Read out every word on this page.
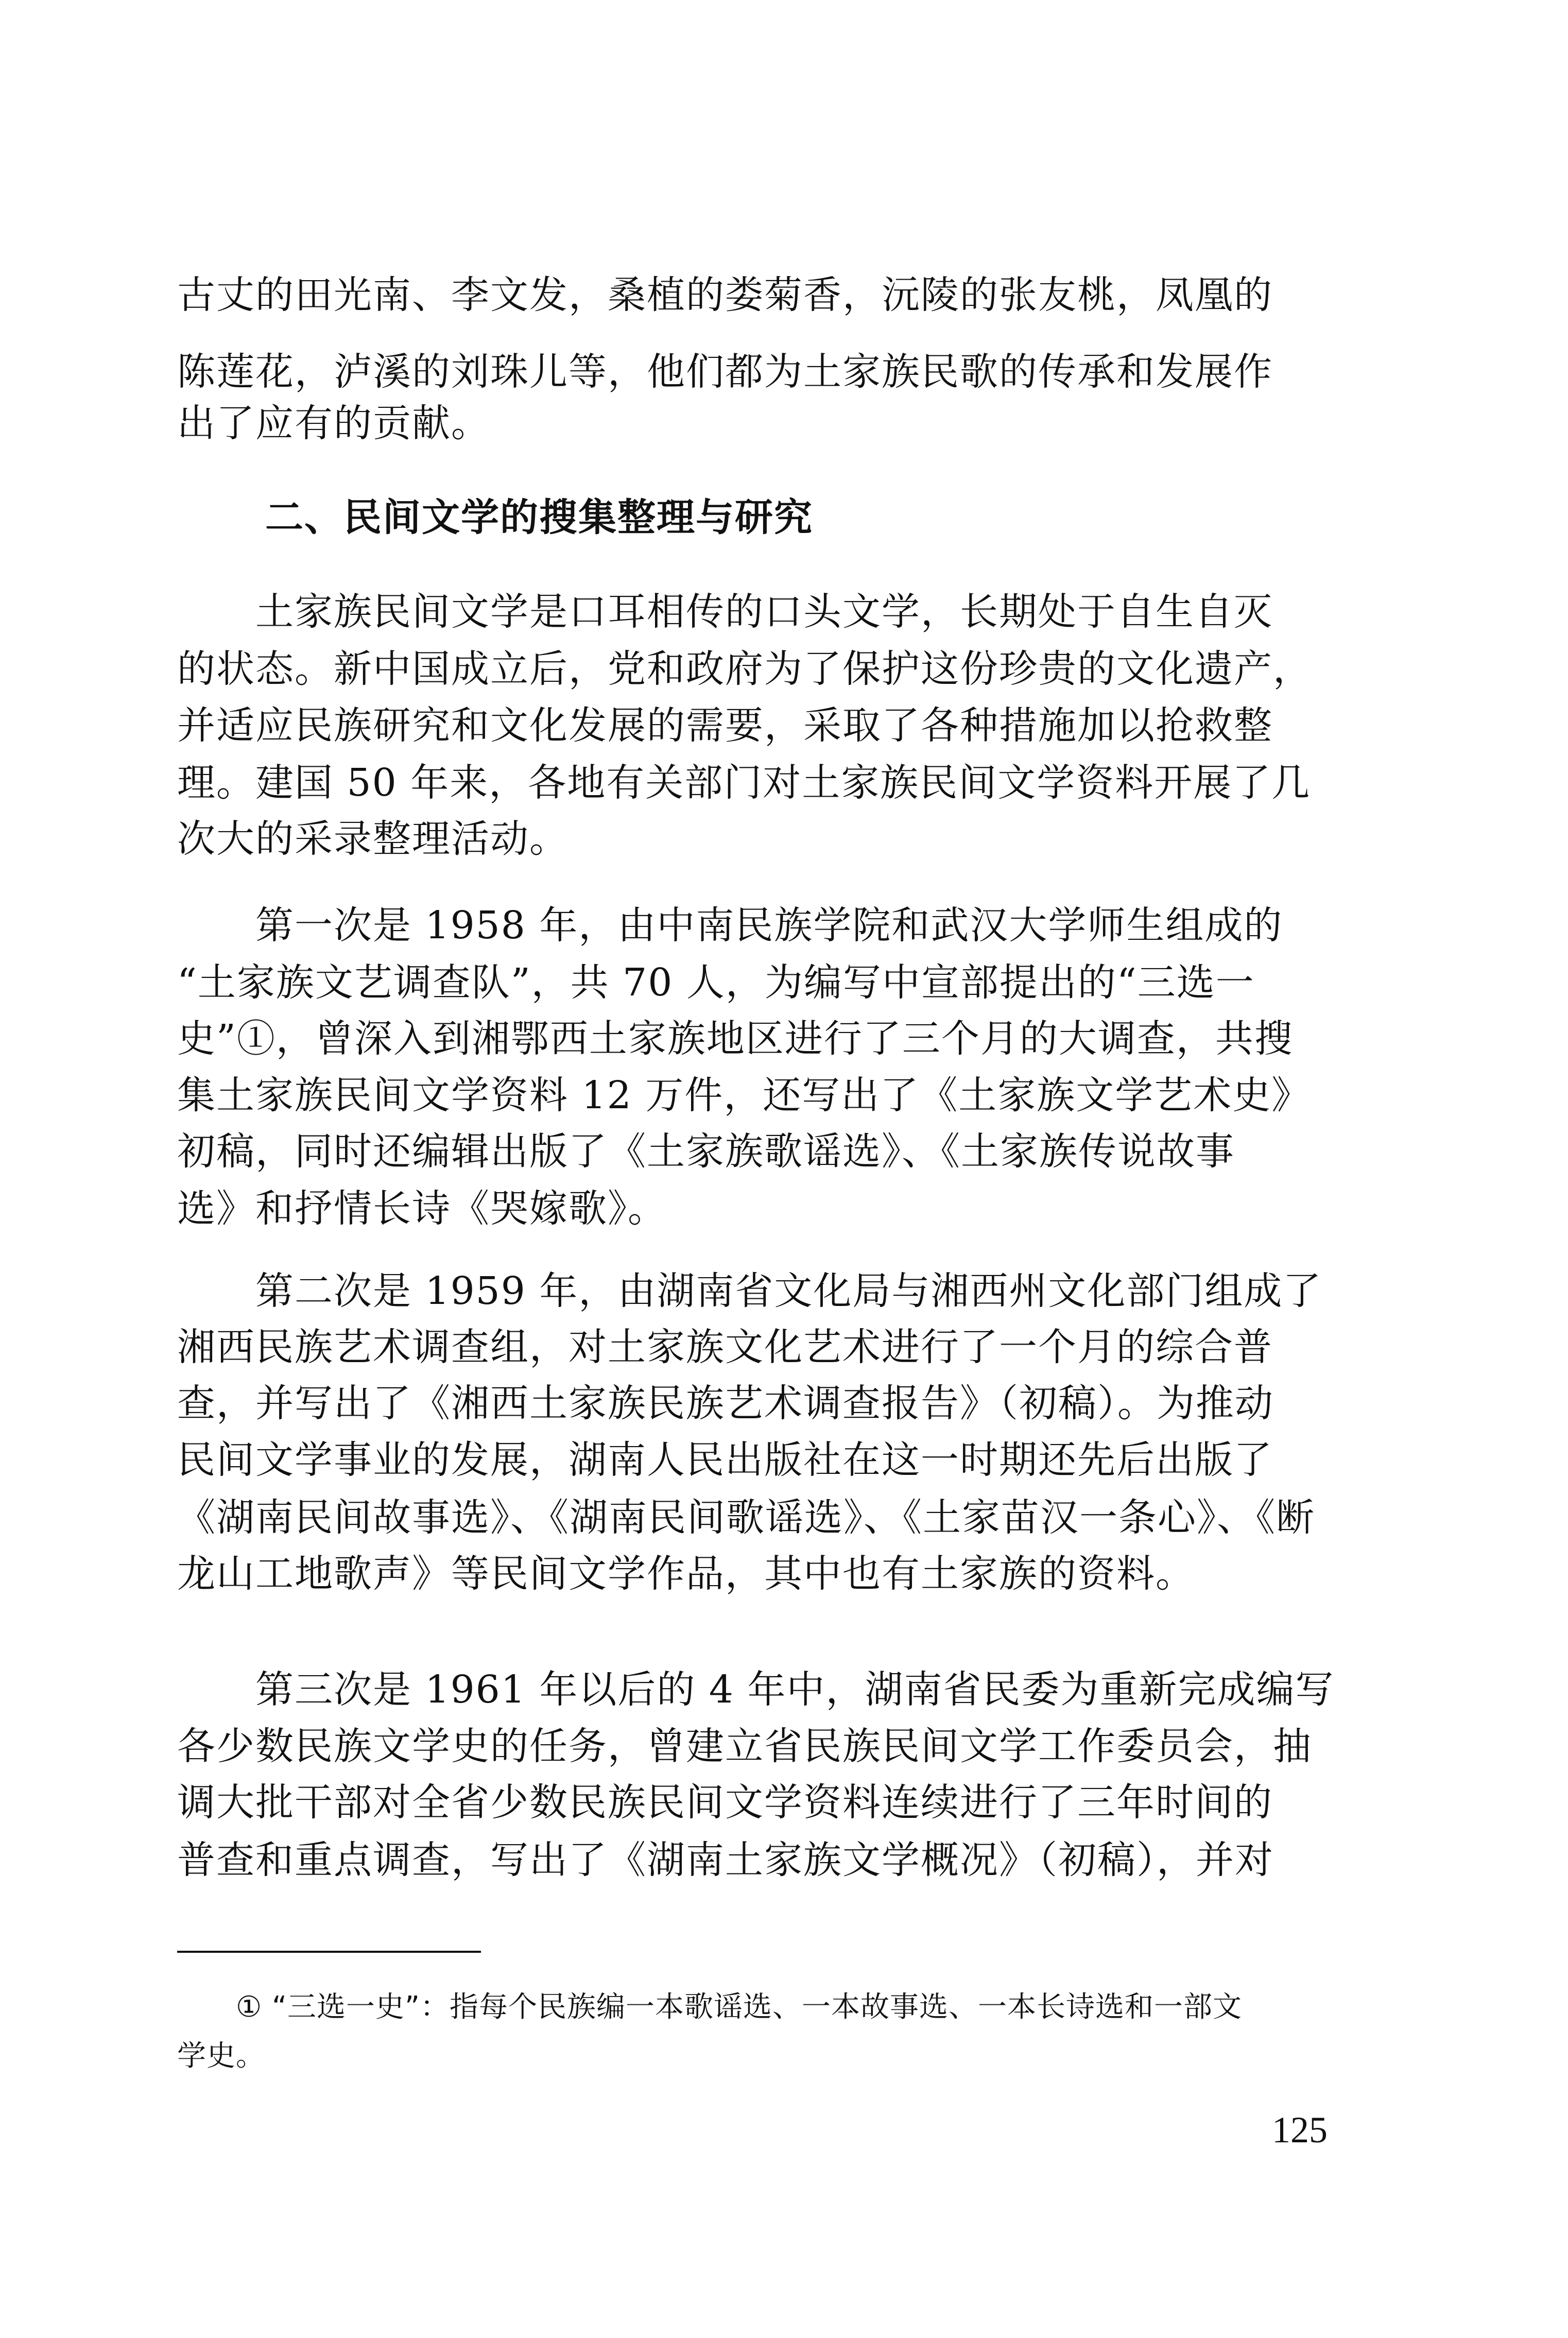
古丈的田光南、李文发，桑植的娄菊香，沅陵的张友桃，凤凰的
陈莲花，泸溪的刘珠儿等，他们都为土家族民歌的传承和发展作
出了应有的贡献。
二、民间文学的搜集整理与研究
　　土家族民间文学是口耳相传的口头文学，长期处于自生自灭
的状态。新中国成立后，党和政府为了保护这份珍贵的文化遗产，
并适应民族研究和文化发展的需要，采取了各种措施加以抢救整
理。建国 50 年来，各地有关部门对土家族民间文学资料开展了几
次大的采录整理活动。
　　第一次是 1958 年，由中南民族学院和武汉大学师生组成的
“土家族文艺调查队”，共 70 人，为编写中宣部提出的“三选一
史”①，曾深入到湘鄂西土家族地区进行了三个月的大调查，共搜
集土家族民间文学资料 12 万件，还写出了《土家族文学艺术史》
初稿，同时还编辑出版了《土家族歌谣选》、《土家族传说故事
选》和抒情长诗《哭嫁歌》。
　　第二次是 1959 年，由湖南省文化局与湘西州文化部门组成了
湘西民族艺术调查组，对土家族文化艺术进行了一个月的综合普
查，并写出了《湘西土家族民族艺术调查报告》（初稿）。为推动
民间文学事业的发展，湖南人民出版社在这一时期还先后出版了
《湖南民间故事选》、《湖南民间歌谣选》、《土家苗汉一条心》、《断
龙山工地歌声》等民间文学作品，其中也有土家族的资料。
　　第三次是 1961 年以后的 4 年中，湖南省民委为重新完成编写
各少数民族文学史的任务，曾建立省民族民间文学工作委员会，抽
调大批干部对全省少数民族民间文学资料连续进行了三年时间的
普查和重点调查，写出了《湖南土家族文学概况》（初稿），并对
　　① “三选一史”：指每个民族编一本歌谣选、一本故事选、一本长诗选和一部文
学史。
125
